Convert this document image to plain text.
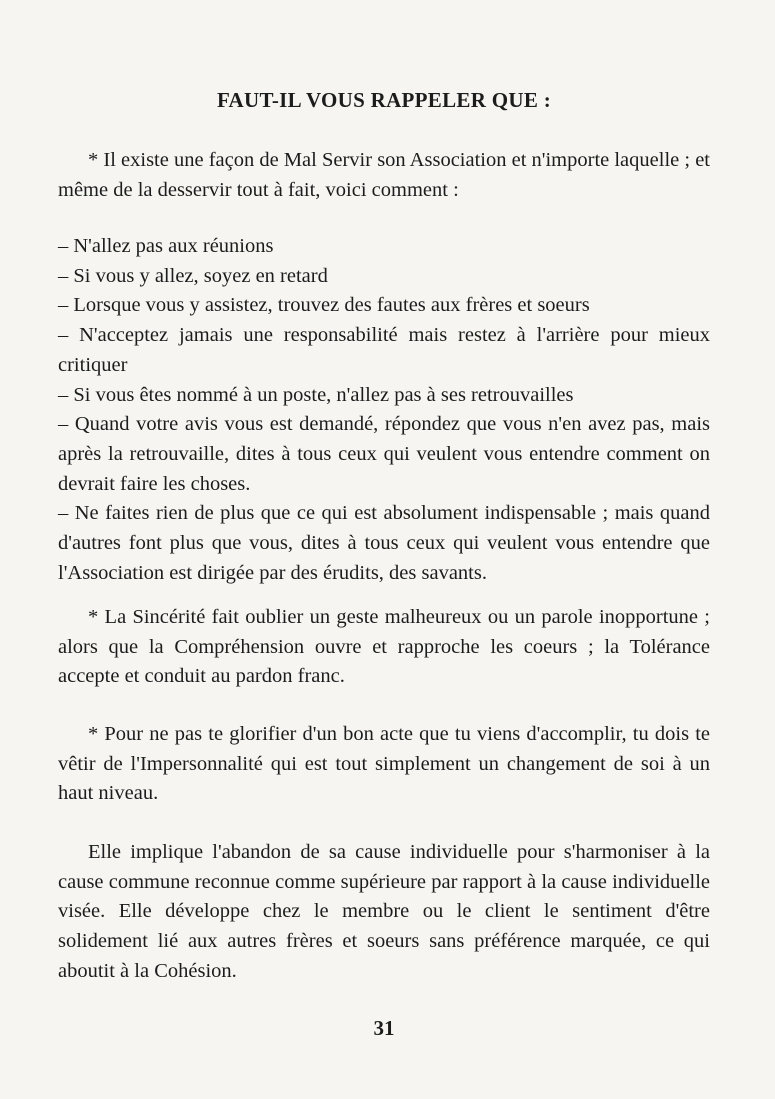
FAUT-IL VOUS RAPPELER QUE :
* Il existe une façon de Mal Servir son Association et n'importe laquelle ; et même de la desservir tout à fait, voici comment :

– N'allez pas aux réunions

– Si vous y allez, soyez en retard

– Lorsque vous y assistez, trouvez des fautes aux frères et soeurs

– N'acceptez jamais une responsabilité mais restez à l'arrière pour mieux critiquer

– Si vous êtes nommé à un poste, n'allez pas à ses retrouvailles

– Quand votre avis vous est demandé, répondez que vous n'en avez pas, mais après la retrouvaille, dites à tous ceux qui veulent vous entendre comment on devrait faire les choses.

– Ne faites rien de plus que ce qui est absolument indispensable ; mais quand d'autres font plus que vous, dites à tous ceux qui veulent vous entendre que l'Association est dirigée par des érudits, des savants.

* La Sincérité fait oublier un geste malheureux ou un parole inopportune ; alors que la Compréhension ouvre et rapproche les coeurs ; la Tolérance accepte et conduit au pardon franc.
* Pour ne pas te glorifier d'un bon acte que tu viens d'accomplir, tu dois te vêtir de l'Impersonnalité qui est tout simplement un changement de soi à un haut niveau.
Elle implique l'abandon de sa cause individuelle pour s'harmoniser à la cause commune reconnue comme supérieure par rapport à la cause individuelle visée. Elle développe chez le membre ou le client le sentiment d'être solidement lié aux autres frères et soeurs sans préférence marquée, ce qui aboutit à la Cohésion.
31
